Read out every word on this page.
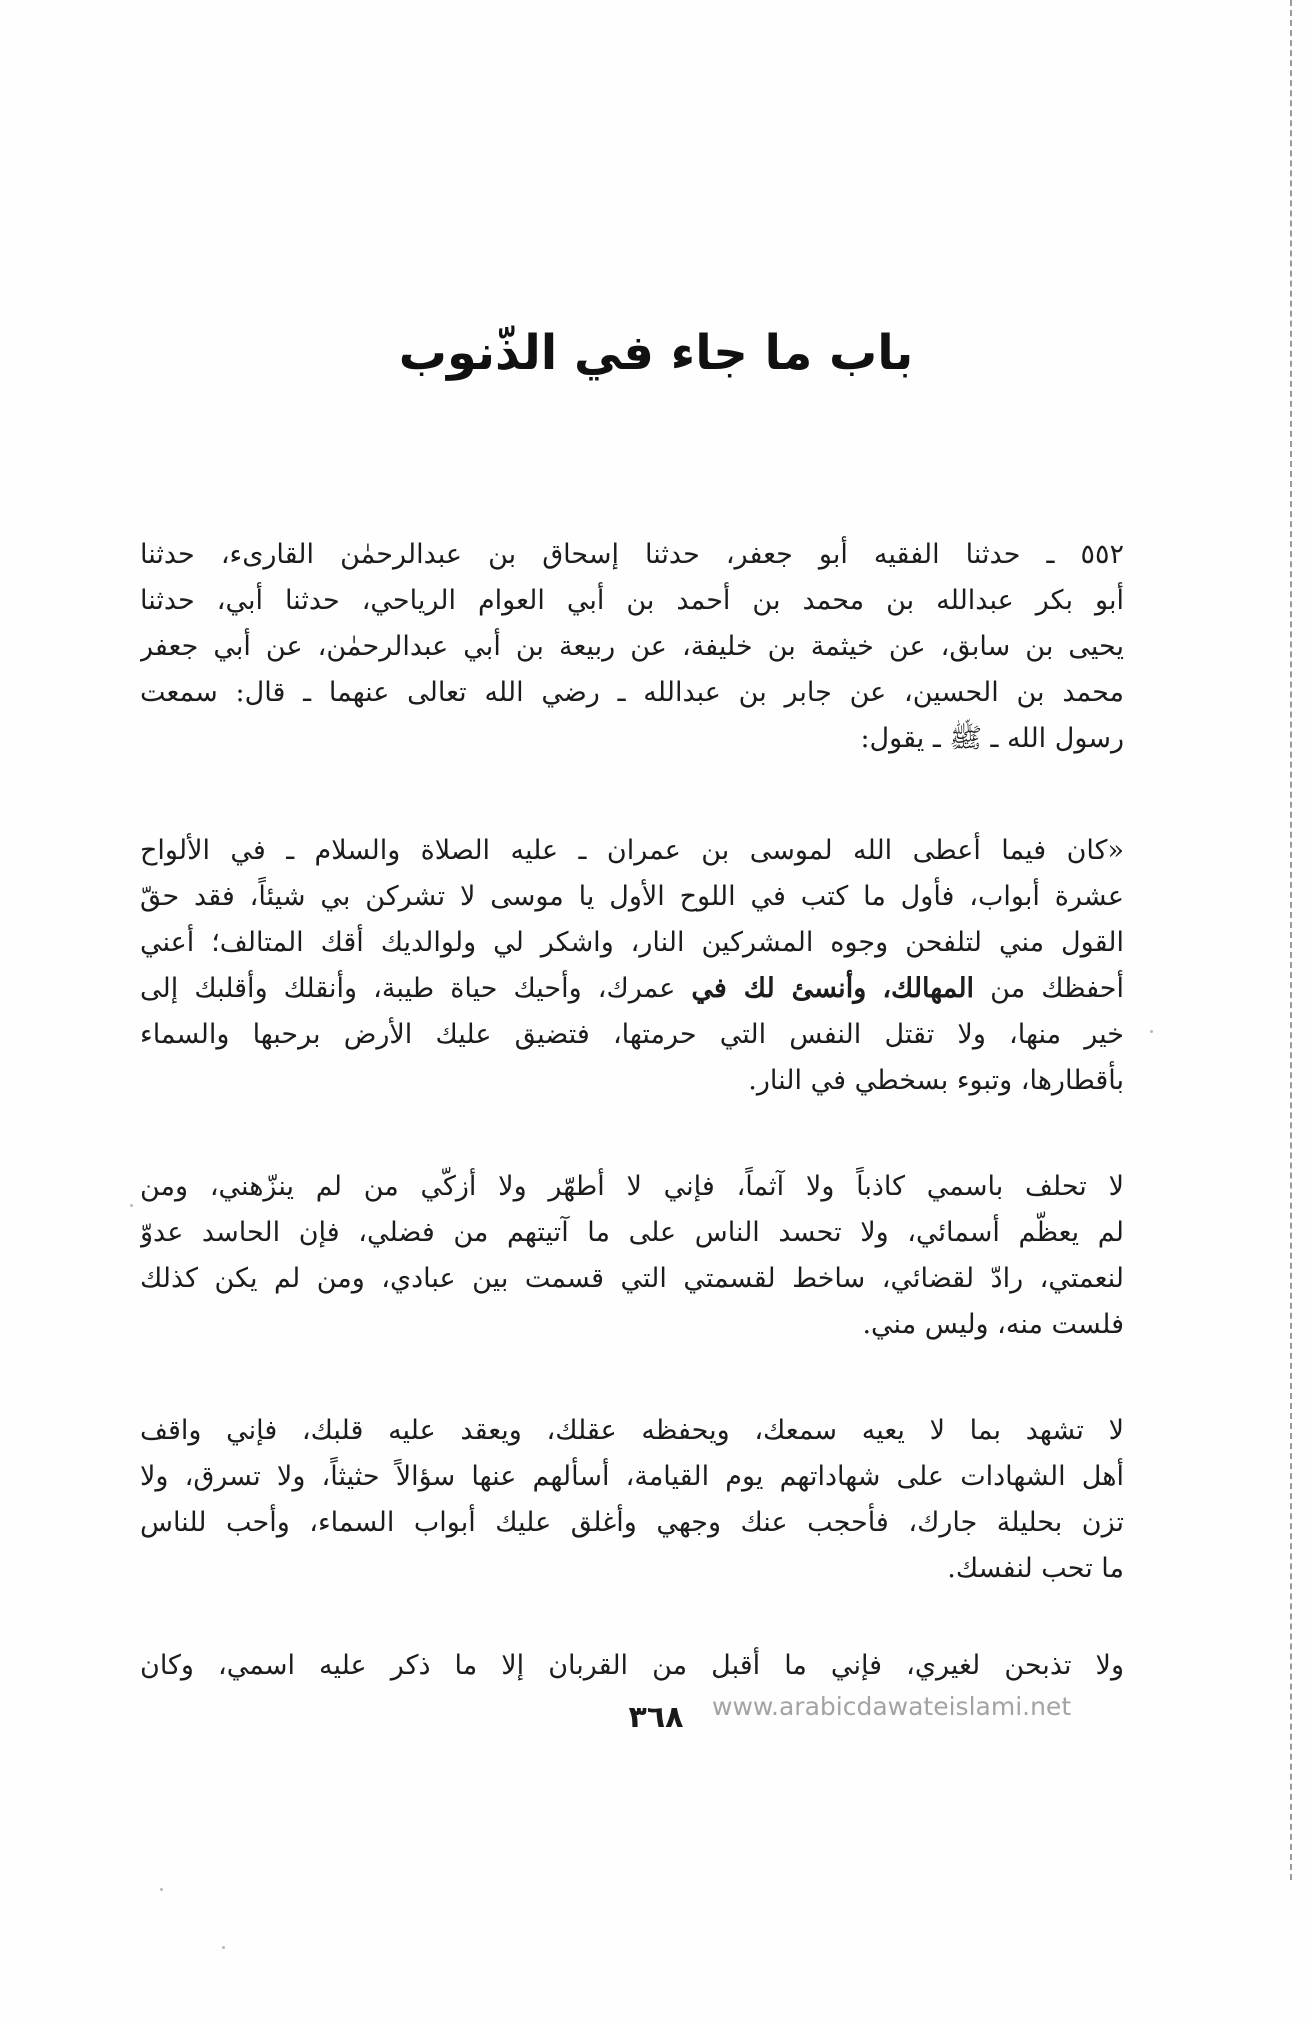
باب ما جاء في الذّنوب
٥٥٢ ـ حدثنا الفقيه أبو جعفر، حدثنا إسحاق بن عبدالرحمٰن القارىء، حدثنا
أبو بكر عبدالله بن محمد بن أحمد بن أبي العوام الرياحي، حدثنا أبي، حدثنا
يحيى بن سابق، عن خيثمة بن خليفة، عن ربيعة بن أبي عبدالرحمٰن، عن أبي جعفر
محمد بن الحسين، عن جابر بن عبدالله ـ رضي الله تعالى عنهما ـ قال: سمعت
رسول الله ـ ﷺ ـ يقول:
«كان فيما أعطى الله لموسى بن عمران ـ عليه الصلاة والسلام ـ في الألواح
عشرة أبواب، فأول ما كتب في اللوح الأول يا موسى لا تشركن بي شيئاً، فقد حقّ
القول مني لتلفحن وجوه المشركين النار، واشكر لي ولوالديك أقك المتالف؛ أعني
أحفظك من المهالك، وأنسئ لك في عمرك، وأحيك حياة طيبة، وأنقلك وأقلبك إلى
خير منها، ولا تقتل النفس التي حرمتها، فتضيق عليك الأرض برحبها والسماء
بأقطارها، وتبوء بسخطي في النار.
لا تحلف باسمي كاذباً ولا آثماً، فإني لا أطهّر ولا أزكّي من لم ينزّهني، ومن
لم يعظّم أسمائي، ولا تحسد الناس على ما آتيتهم من فضلي، فإن الحاسد عدوّ
لنعمتي، رادّ لقضائي، ساخط لقسمتي التي قسمت بين عبادي، ومن لم يكن كذلك
فلست منه، وليس مني.
لا تشهد بما لا يعيه سمعك، ويحفظه عقلك، ويعقد عليه قلبك، فإني واقف
أهل الشهادات على شهاداتهم يوم القيامة، أسألهم عنها سؤالاً حثيثاً، ولا تسرق، ولا
تزن بحليلة جارك، فأحجب عنك وجهي وأغلق عليك أبواب السماء، وأحب للناس
ما تحب لنفسك.
ولا تذبحن لغيري، فإني ما أقبل من القربان إلا ما ذكر عليه اسمي، وكان

www.arabicdawateislami.net

٣٦٨
